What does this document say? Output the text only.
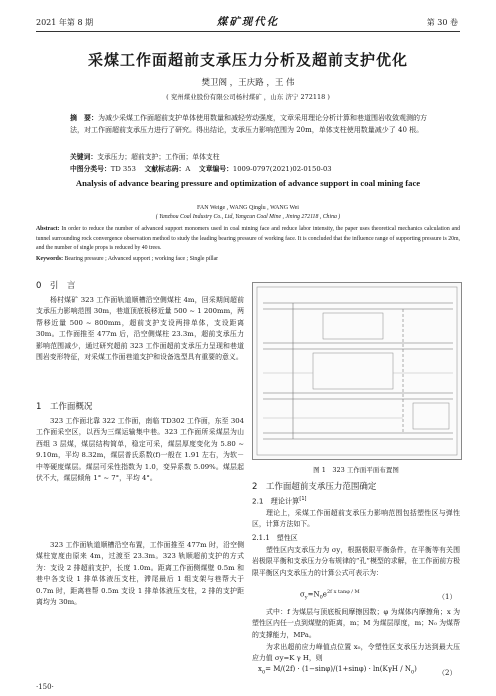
2021 年第 8 期	煤矿现代化	第 30 卷
采煤工作面超前支承压力分析及超前支护优化
樊卫阁 ，王庆路 ，王 伟
( 兖州煤业股份有限公司杨村煤矿 ，山东 济宁 272118 )
摘　要：为减少采煤工作面超前支护单体使用数量和减轻劳动强度，文章采用理论分析计算和巷道围岩收敛观测的方法，对工作面超前支承压力进行了研究。得出结论，支承压力影响范围为 20m，单体支柱使用数量减少了 40 根。
关键词：支承压力；超前支护；工作面；单体支柱
中图分类号：TD 353 文献标志码：A 文章编号：1009-0797(2021)02-0150-03
Analysis of advance bearing pressure and optimization of advance support in coal mining face
FAN Weige , WANG Qinglu , WANG Wei
( Yanzhou Coal Industry Co., Ltd, Yangcun Coal Mine , Jining 272118 , China )
Abstract: In order to reduce the number of advanced support monomers used in coal mining face and reduce labor intensity, the paper uses theoretical mechanics calculation and tunnel surrounding rock convergence observation method to study the leading bearing pressure of working face. It is concluded that the influence range of supporting pressure is 20m, and the number of single props is reduced by 40 trees.
Keywords: Bearing pressure ; Advanced support ; working face ; Single pillar
0　引　言
杨村煤矿 323 工作面轨道顺槽沿空侧煤柱 4m，回采期间超前支承压力影响范围 30m，巷道顶底板移近量 500 ~ 1 200mm，两帮移近量 500 ~ 800mm，超前支护支设两排单体，支设距离 30m。工作面推至 477m 后，沿空侧煤柱 23.3m，超前支承压力影响范围减少，通过研究超前 323 工作面超前支承压力呈现和巷道围岩变形特征，对采煤工作面巷道支护和设备选型具有重要的意义。
1　工作面概况
323 工作面北靠 322 工作面，南临 TD302 工作面，东至 304 工作面采空区，以西为三煤运输集中巷。323 工作面所采煤层为山西组 3 层煤，煤层结构简单，稳定可采，煤层厚度变化为 5.80 ~ 9.10m，平均 8.32m，煤层普氏系数(f)一般在 1.91 左右，为软－中等硬度煤层。煤层可采性指数为 1.0，变异系数 5.09%。煤层起伏不大，煤层倾角 1° ~ 7°，平均 4°。
323 工作面轨道顺槽沿空布置，工作面推至 477m 时，沿空侧煤柱宽度由原来 4m，过渡至 23.3m。323 轨顺超前支护的方式为：支设 2 排超前支护，长度 1.0m。距离工作面侧煤壁 0.5m 和巷中各支设 1 排单体液压支柱，滞尾最后 1 组支架与巷帮大于 0.7m 时，距离巷帮 0.5m 支设 1 排单体液压支柱，2 排的支护距离均为 30m。
图 1　323 工作面平面布置图
2　工作面超前支承压力范围确定
2.1　理论计算[1]
理论上，采煤工作面超前支承压力影响范围包括塑性区与弹性区，计算方法如下。
2.1.1　塑性区
塑性区内支承压力为 σy，根据极限平衡条件，在平衡等有关围岩极限平衡和支承压力分布规律的“孔”模型的求解，在工作面前方极限平衡区内支承压力的计算公式可表示为：
$\sigma_y=N_0e^{2f x tan\varphi / M}$
（1）
式中：f 为煤层与顶底板间摩擦因数；φ 为煤体内摩擦角；x 为塑性区内任一点到煤壁的距离，m；M 为煤层厚度，m；N₀ 为煤帮的支撑能力，MPa。
为求出超前应力峰值点位置 x₀，令塑性区支承压力达到最大压应力值 σy=K γ H，则
$x_0= M/(2f) \cdot (1-\sin\varphi)/(1+\sin\varphi) \cdot \ln(K\gamma H / N_0)$	（2）
·150·
